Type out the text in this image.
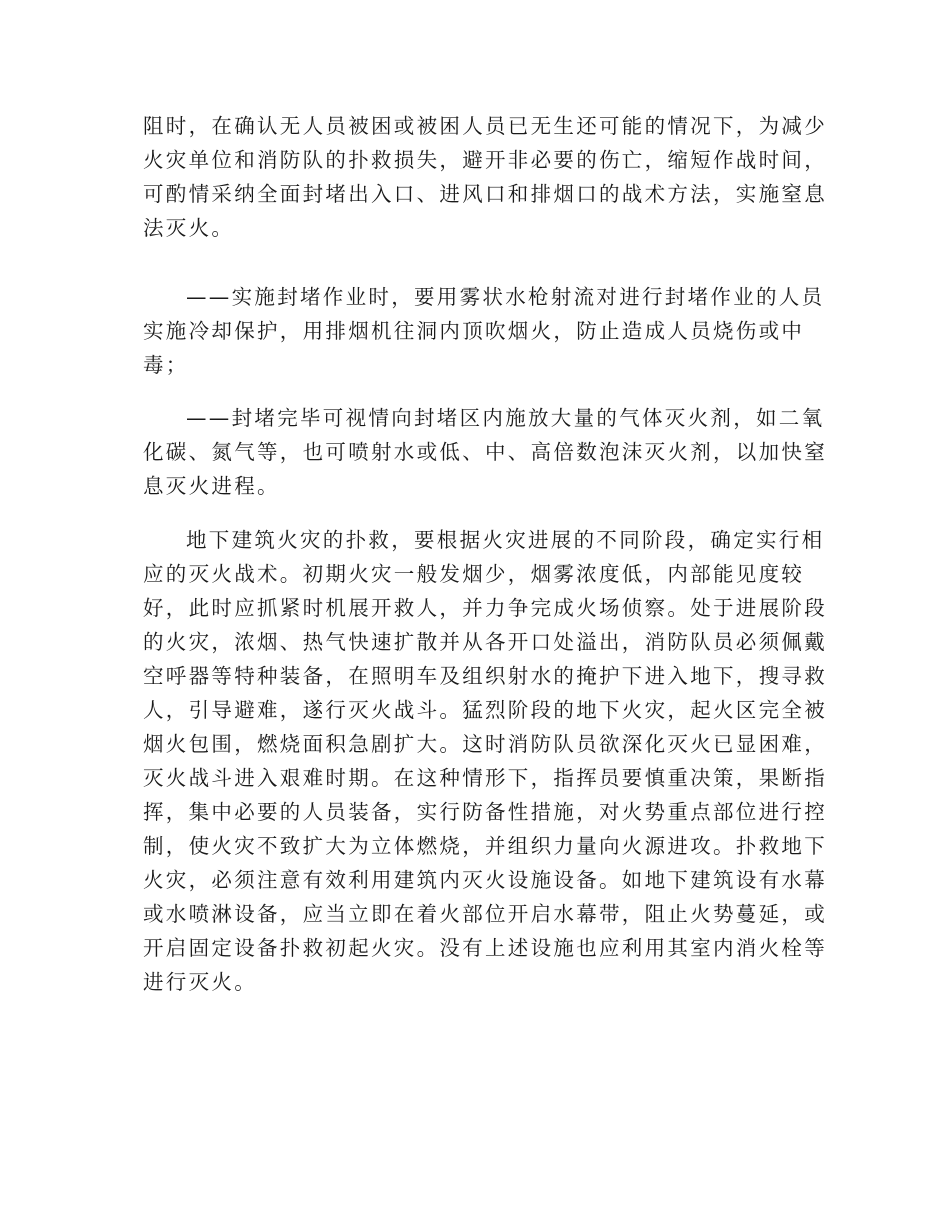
阻时，在确认无人员被困或被困人员已无生还可能的情况下，为减少
火灾单位和消防队的扑救损失，避开非必要的伤亡，缩短作战时间，
可酌情采纳全面封堵出入口、进风口和排烟口的战术方法，实施窒息
法灭火。
——实施封堵作业时，要用雾状水枪射流对进行封堵作业的人员
实施冷却保护，用排烟机往洞内顶吹烟火，防止造成人员烧伤或中
毒；
——封堵完毕可视情向封堵区内施放大量的气体灭火剂，如二氧
化碳、氮气等，也可喷射水或低、中、高倍数泡沫灭火剂，以加快窒
息灭火进程。
地下建筑火灾的扑救，要根据火灾进展的不同阶段，确定实行相
应的灭火战术。初期火灾一般发烟少，烟雾浓度低，内部能见度较
好，此时应抓紧时机展开救人，并力争完成火场侦察。处于进展阶段
的火灾，浓烟、热气快速扩散并从各开口处溢出，消防队员必须佩戴
空呼器等特种装备，在照明车及组织射水的掩护下进入地下，搜寻救
人，引导避难，遂行灭火战斗。猛烈阶段的地下火灾，起火区完全被
烟火包围，燃烧面积急剧扩大。这时消防队员欲深化灭火已显困难，
灭火战斗进入艰难时期。在这种情形下，指挥员要慎重决策，果断指
挥，集中必要的人员装备，实行防备性措施，对火势重点部位进行控
制，使火灾不致扩大为立体燃烧，并组织力量向火源进攻。扑救地下
火灾，必须注意有效利用建筑内灭火设施设备。如地下建筑设有水幕
或水喷淋设备，应当立即在着火部位开启水幕带，阻止火势蔓延，或
开启固定设备扑救初起火灾。没有上述设施也应利用其室内消火栓等
进行灭火。
